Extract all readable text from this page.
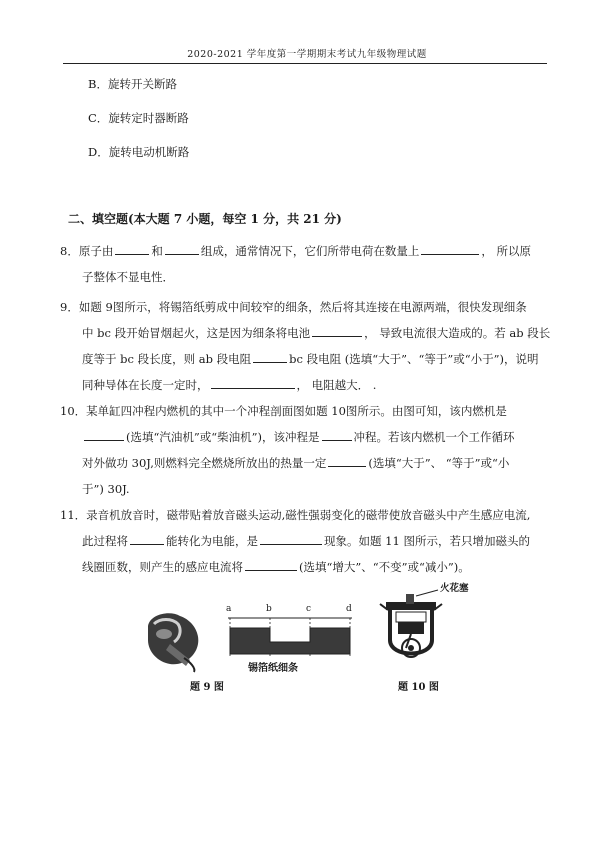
2020-2021 学年度第一学期期末考试九年级物理试题
B．旋转开关断路
C．旋转定时器断路
D．旋转电动机断路
二、填空题(本大题 7 小题，每空 1 分，共 21 分)
8．原子由	和	组成，通常情况下，它们所带电荷在数量上	， 所以原
子整体不显电性．
9．如题 9图所示，将锡箔纸剪成中间较窄的细条，然后将其连接在电源两端，很快发现细条
中 bc 段开始冒烟起火，这是因为细条将电池	， 导致电流很大造成的。若 ab 段长
度等于 bc 段长度，则 ab 段电阻	bc 段电阻 (选填“大于”、“等于”或“小于”)，说明
同种导体在长度一定时，	， 电阻越大． .
10．某单缸四冲程内燃机的其中一个冲程剖面图如题 10图所示。由图可知，该内燃机是
(选填“汽油机”或“柴油机”)，该冲程是	冲程。若该内燃机一个工作循环
对外做功 30J,则燃料完全燃烧所放出的热量一定	(选填“大于”、 “等于”或“小
于”) 30J.
11．录音机放音时，磁带贴着放音磁头运动,磁性强弱变化的磁带使放音磁头中产生感应电流,
此过程将	能转化为电能，是	现象。如题 11 图所示，若只增加磁头的
线圈匝数，则产生的感应电流将	(选填“增大”、“不变”或“减小”)。
题 9 图
a	b	c	d
锡箔纸细条
火花塞
题 10 图
